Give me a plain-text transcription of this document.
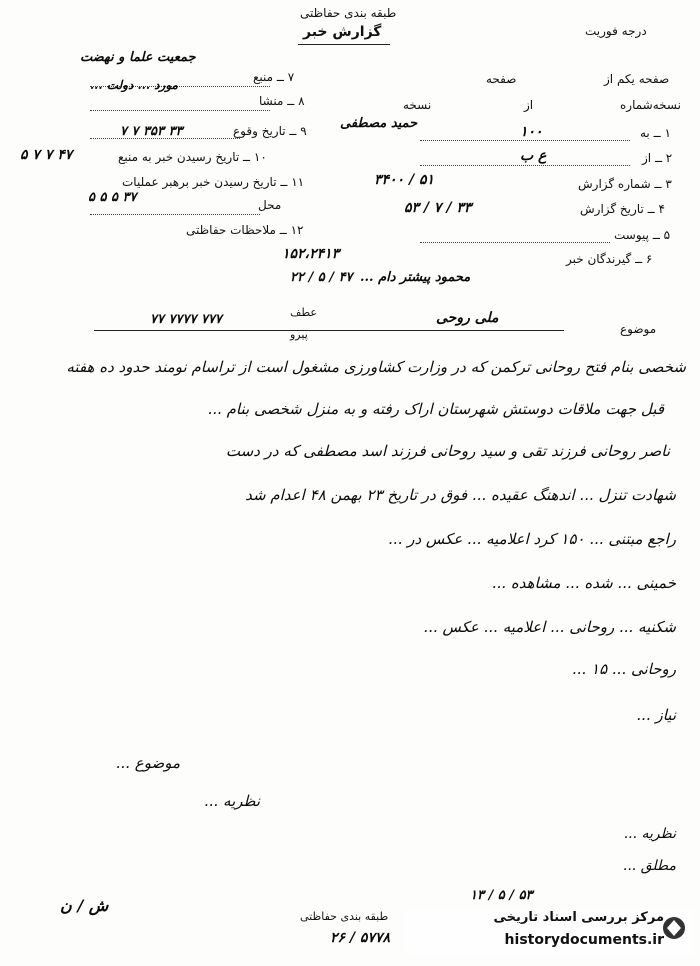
طبقه بندی حفاظتی
گزارش خبر	درجه فوریت
۷ ــ منبع
۸ ــ منشا
۹ ــ تاریخ وقوع
۱۰ ــ تاریخ رسیدن خبر به منبع
۱۱ ــ تاریخ رسیدن خبر برهبر عملیات
محل
۱۲ ــ ملاحظات حفاظتی
صفحه یکم از
صفحه
نسخه‌شماره
از
نسخه
۱ ــ به
۲ ــ از
۳ ــ شماره گزارش
۴ ــ تاریخ گزارش
۵ ــ پیوست
۶ ــ گیرندگان خبر
۳۳ ۳۵۳ ۷ ۷
حمید مصطفی
۱۰۰
ع ب
۴۷ ۷ ۷ ۵
۵۱ / ۳۴۰۰
۳۳ / ۷ / ۵۳
۳۷ ۵ ۵ ۵
۱۵۲،۲۴۱۳
۴۷ / ۵ / ۲۲ محمود پیشتر دام ...
جمعیت علما و نهضت
مورد ... دولت ...
موضوع
ملی روحی
عطف
پیرو
۷۷۷ ۷۷۷۷ ۷۷
شخصی بنام فتح روحانی ترکمن که در وزارت کشاورزی مشغول است از تراسام نومند حدود ده هفته
قبل جهت ملاقات دوستش شهرستان اراک رفته و به منزل شخصی بنام ...
ناصر روحانی فرزند تقی و سید روحانی فرزند اسد مصطفی که در دست
شهادت تنزل ... اندهنگ عقیده ... فوق در تاریخ ۲۳ بهمن ۴۸ اعدام شد
راجع مبتنی ... ۱۵۰ کرد اعلامیه ... عکس در ...
خمینی ... شده ... مشاهده ...
شکنیه ... روحانی ... اعلامیه ... عکس ...
روحانی ... ۱۵ ...
نیاز ...
موضوع ...
نظریه ...
نظریه ...
مطلق ...
ش / ن
۵۳ / ۵ / ۱۳
طبقه بندی حفاظتی
۵۷۷۸ / ۲۶
مرکز بررسی اسناد تاریخی
historydocuments.ir
